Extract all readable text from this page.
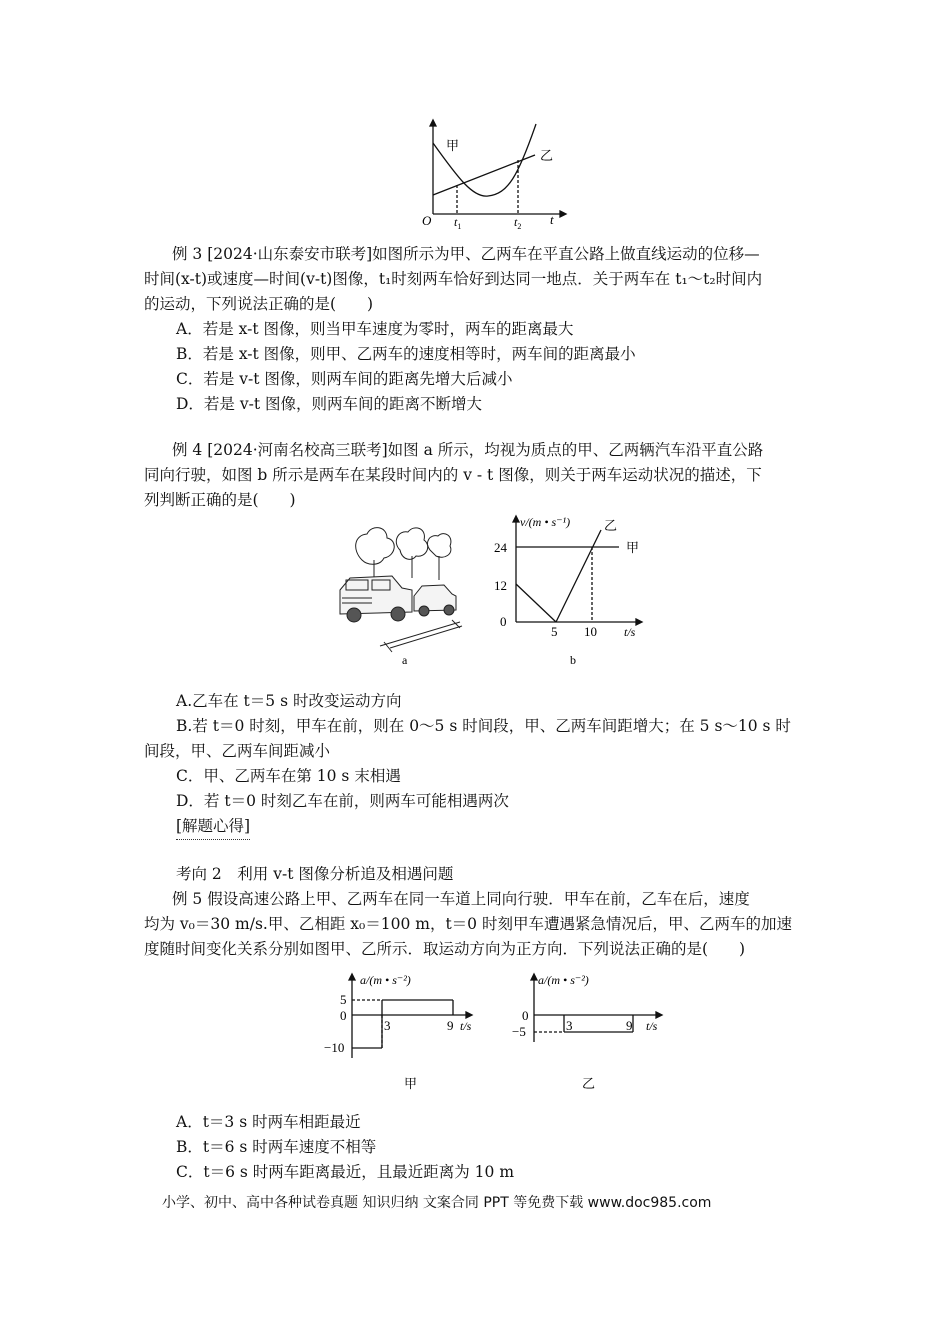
甲
乙
O $t_1$	$t_2$ t
例 3 [2024·山东泰安市联考]如图所示为甲、乙两车在平直公路上做直线运动的位移—
时间(x-t)或速度—时间(v-t)图像，t₁时刻两车恰好到达同一地点．关于两车在 t₁～t₂时间内
的运动，下列说法正确的是(　　)
A．若是 x-t 图像，则当甲车速度为零时，两车的距离最大
B．若是 x-t 图像，则甲、乙两车的速度相等时，两车间的距离最小
C．若是 v-t 图像，则两车间的距离先增大后减小
D．若是 v-t 图像，则两车间的距离不断增大
例 4 [2024·河南名校高三联考]如图 a 所示，均视为质点的甲、乙两辆汽车沿平直公路
同向行驶，如图 b 所示是两车在某段时间内的 v - t 图像，则关于两车运动状况的描述，下
列判断正确的是(　　)
a
v/(m • s⁻¹)
24
12
0
5 10 t/s
甲
乙
b
A.乙车在 t＝5 s 时改变运动方向
B.若 t＝0 时刻，甲车在前，则在 0～5 s 时间段，甲、乙两车间距增大；在 5 s～10 s 时
间段，甲、乙两车间距减小
C．甲、乙两车在第 10 s 末相遇
D．若 t＝0 时刻乙车在前，则两车可能相遇两次
[解题心得]
考向 2　利用 v-t 图像分析追及相遇问题
例 5 假设高速公路上甲、乙两车在同一车道上同向行驶．甲车在前，乙车在后，速度
均为 v₀＝30 m/s.甲、乙相距 x₀＝100 m，t＝0 时刻甲车遭遇紧急情况后，甲、乙两车的加速
度随时间变化关系分别如图甲、乙所示．取运动方向为正方向．下列说法正确的是(　　)
a/(m • s⁻²)
5
0
−10
3	9 t/s
甲
a/(m • s⁻²)
0
−5	3	9 t/s
乙
A．t＝3 s 时两车相距最近
B．t＝6 s 时两车速度不相等
C．t＝6 s 时两车距离最近，且最近距离为 10 m
小学、初中、高中各种试卷真题 知识归纳 文案合同 PPT 等免费下载 www.doc985.com
